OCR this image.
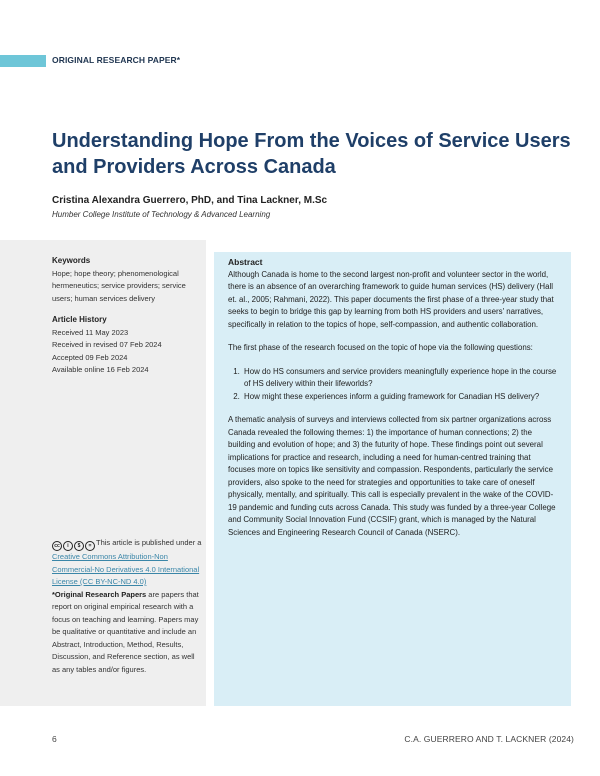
ORIGINAL RESEARCH PAPER*
Understanding Hope From the Voices of Service Users and Providers Across Canada
Cristina Alexandra Guerrero, PhD, and Tina Lackner, M.Sc
Humber College Institute of Technology & Advanced Learning

Keywords

Hope; hope theory; phenomenological hermeneutics; service providers; service users; human services delivery

Article History

Received 11 May 2023

Received in revised 07 Feb 2024

Accepted 09 Feb 2024

Available online 16 Feb 2024

cc	i	$	= This article is published under a Creative Commons Attribution-Non Commercial-No Derivatives 4.0 International License (CC BY-NC-ND 4.0)
*Original Research Papers are papers that report on original empirical research with a focus on teaching and learning. Papers may be qualitative or quantitative and include an Abstract, Introduction, Method, Results, Discussion, and Reference section, as well as any tables and/or figures.

Abstract

Although Canada is home to the second largest non-profit and volunteer sector in the world, there is an absence of an overarching framework to guide human services (HS) delivery (Hall et. al., 2005; Rahmani, 2022). This paper documents the first phase of a three-year study that seeks to begin to bridge this gap by learning from both HS providers and users' narratives, specifically in relation to the topics of hope, self-compassion, and authentic collaboration.

The first phase of the research focused on the topic of hope via the following questions:

1. How do HS consumers and service providers meaningfully experience hope in the course of HS delivery within their lifeworlds?
2. How might these experiences inform a guiding framework for Canadian HS delivery?

A thematic analysis of surveys and interviews collected from six partner organizations across Canada revealed the following themes: 1) the importance of human connections; 2) the building and evolution of hope; and 3) the futurity of hope. These findings point out several implications for practice and research, including a need for human-centred training that focuses more on topics like sensitivity and compassion. Respondents, particularly the service providers, also spoke to the need for strategies and opportunities to take care of oneself physically, mentally, and spiritually. This call is especially prevalent in the wake of the COVID-19 pandemic and funding cuts across Canada. This study was funded by a three-year College and Community Social Innovation Fund (CCSIF) grant, which is managed by the Natural Sciences and Engineering Research Council of Canada (NSERC).

6	C.A. GUERRERO AND T. LACKNER (2024)
